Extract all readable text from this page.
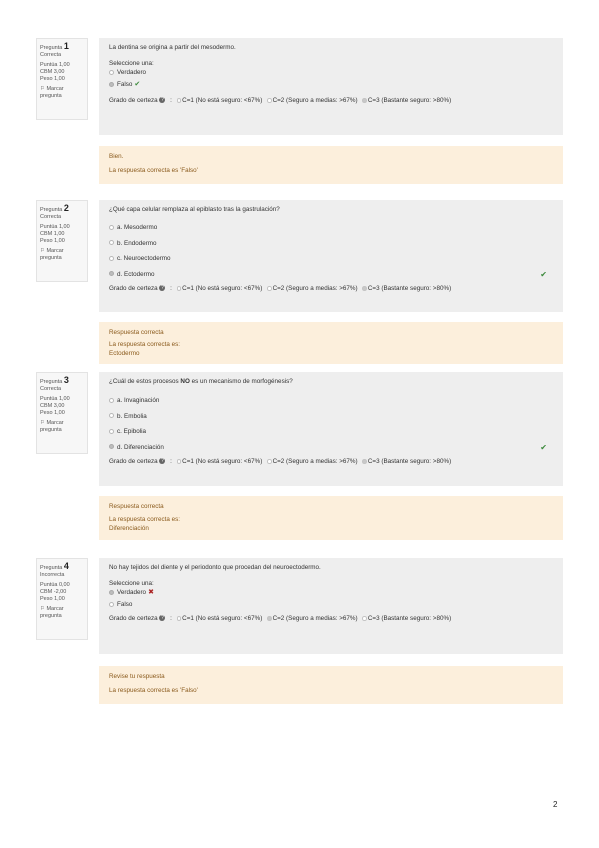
Pregunta 1
Correcta
Puntúa 1,00
CBM 3,00
Peso 1,00
⚐ Marcar pregunta
La dentina se origina a partir del mesodermo.
Seleccione una:
Verdadero
Falso ✔
Grado de certeza ? : C=1 (No está seguro: <67%) C=2 (Seguro a medias: >67%) C=3 (Bastante seguro: >80%)
Bien.
La respuesta correcta es 'Falso'
Pregunta 2
Correcta
Puntúa 1,00
CBM 1,00
Peso 1,00
⚐ Marcar pregunta
¿Qué capa celular remplaza al epiblasto tras la gastrulación?
a. Mesodermo
b. Endodermo
c. Neuroectodermo
d. Ectodermo	✔
Grado de certeza ? : C=1 (No está seguro: <67%) C=2 (Seguro a medias: >67%) C=3 (Bastante seguro: >80%)
Respuesta correcta
La respuesta correcta es:
Ectodermo
Pregunta 3
Correcta
Puntúa 1,00
CBM 3,00
Peso 1,00
⚐ Marcar pregunta
¿Cuál de estos procesos NO es un mecanismo de morfogénesis?
a. Invaginación
b. Embolia
c. Epibolia
d. Diferenciación	✔
Grado de certeza ? : C=1 (No está seguro: <67%) C=2 (Seguro a medias: >67%) C=3 (Bastante seguro: >80%)
Respuesta correcta
La respuesta correcta es:
Diferenciación
Pregunta 4
Incorrecta
Puntúa 0,00
CBM -2,00
Peso 1,00
⚐ Marcar pregunta
No hay tejidos del diente y el periodonto que procedan del neuroectodermo.
Seleccione una:
Verdadero ✖
Falso
Grado de certeza ? : C=1 (No está seguro: <67%) C=2 (Seguro a medias: >67%) C=3 (Bastante seguro: >80%)
Revise tu respuesta
La respuesta correcta es 'Falso'
2
